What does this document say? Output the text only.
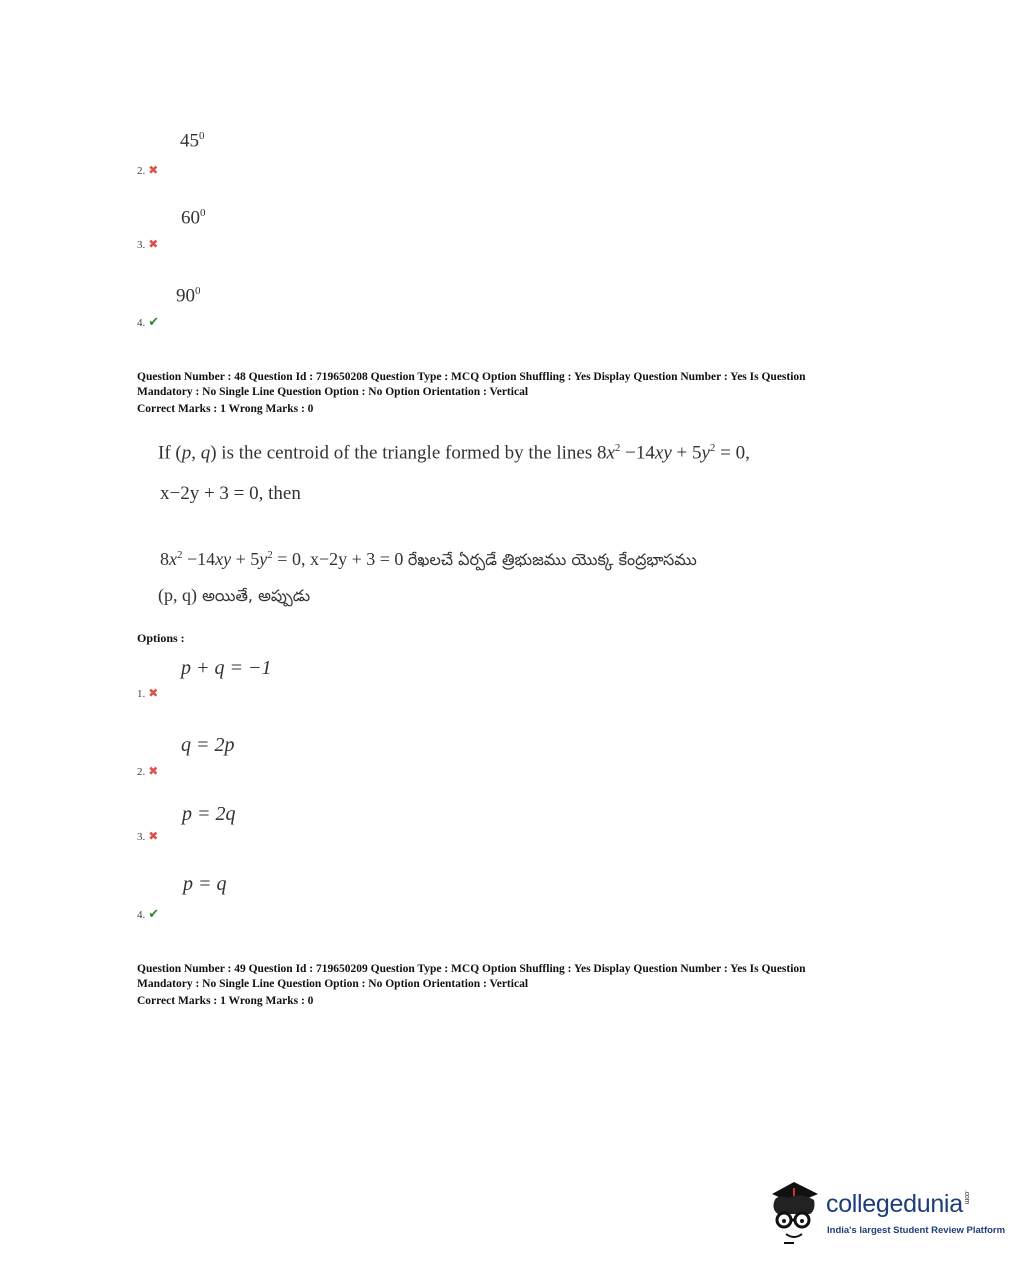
$45^0$
2. ✖
$60^0$
3. ✖
$90^0$
4. ✔
Question Number : 48 Question Id : 719650208 Question Type : MCQ Option Shuffling : Yes Display Question Number : Yes Is Question
Mandatory : No Single Line Question Option : No Option Orientation : Vertical
Correct Marks : 1 Wrong Marks : 0
If (p, q) is the centroid of the triangle formed by the lines $8x^2 -14xy + 5y^2 = 0$,
x−2y + 3 = 0, then
$8x^2 -14xy + 5y^2 = 0$, x−2y + 3 = 0 రేఖలచే ఏర్పడే త్రిభుజము యొక్క కేంద్రభాసము
(p, q) అయితే, అప్పుడు
Options :
p + q = −1
1. ✖
q = 2p
2. ✖
p = 2q
3. ✖
p = q
4. ✔
Question Number : 49 Question Id : 719650209 Question Type : MCQ Option Shuffling : Yes Display Question Number : Yes Is Question
Mandatory : No Single Line Question Option : No Option Orientation : Vertical
Correct Marks : 1 Wrong Marks : 0
collegedunia.com
India's largest Student Review Platform
